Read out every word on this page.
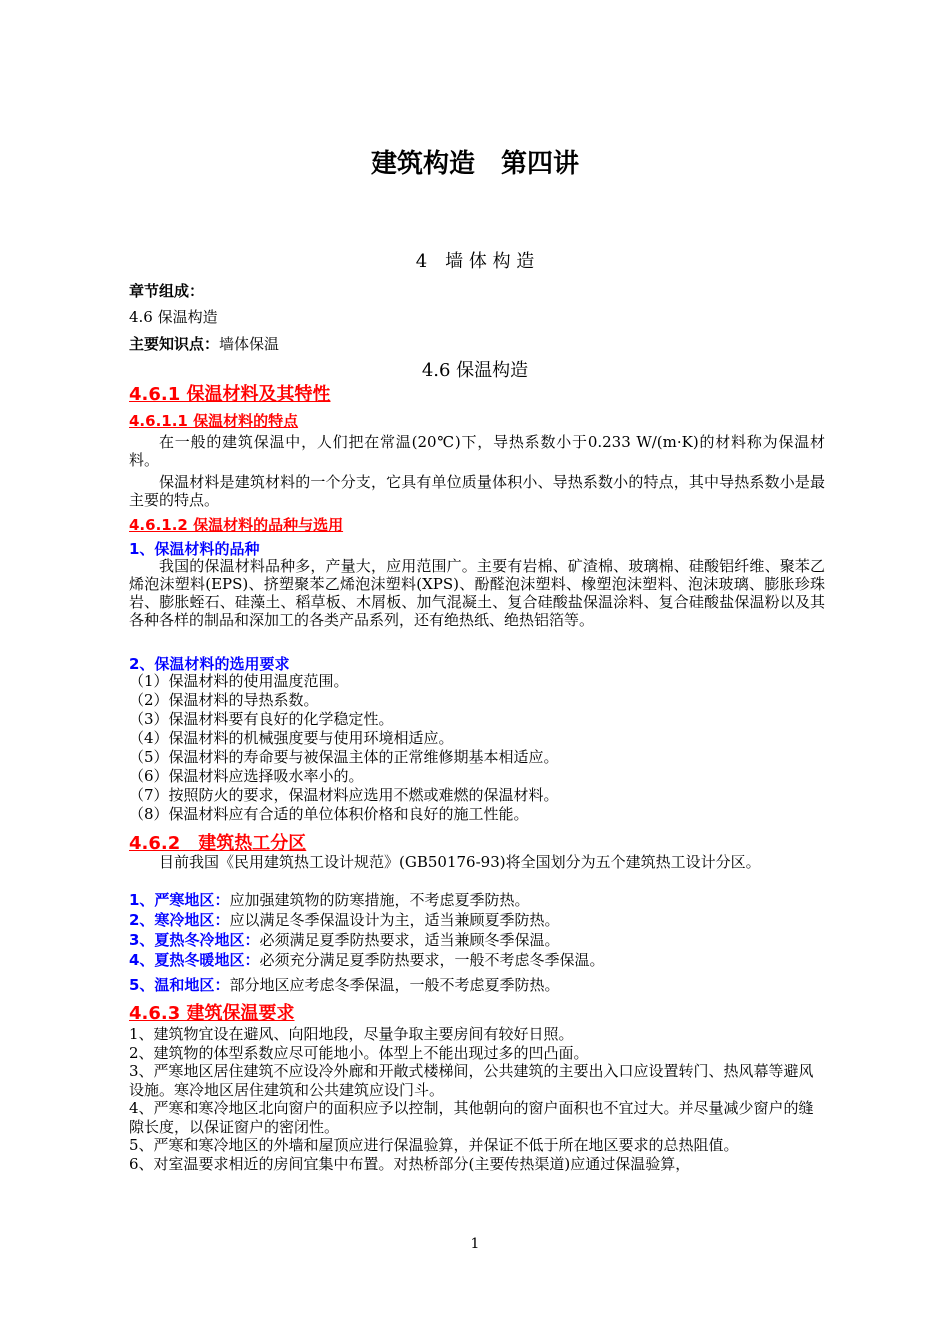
建筑构造　第四讲
4　墙 体 构 造
章节组成：
4.6 保温构造
主要知识点：墙体保温
4.6 保温构造
4.6.1 保温材料及其特性
4.6.1.1 保温材料的特点
在一般的建筑保温中，人们把在常温(20℃)下，导热系数小于0.233 W/(m·K)的材料称为保温材料。
保温材料是建筑材料的一个分支，它具有单位质量体积小、导热系数小的特点，其中导热系数小是最主要的特点。
4.6.1.2 保温材料的品种与选用
1、保温材料的品种
我国的保温材料品种多，产量大，应用范围广。主要有岩棉、矿渣棉、玻璃棉、硅酸铝纤维、聚苯乙烯泡沫塑料(EPS)、挤塑聚苯乙烯泡沫塑料(XPS)、酚醛泡沫塑料、橡塑泡沫塑料、泡沫玻璃、膨胀珍珠岩、膨胀蛭石、硅藻土、稻草板、木屑板、加气混凝土、复合硅酸盐保温涂料、复合硅酸盐保温粉以及其各种各样的制品和深加工的各类产品系列，还有绝热纸、绝热铝箔等。
2、保温材料的选用要求

（1）保温材料的使用温度范围。

（2）保温材料的导热系数。

（3）保温材料要有良好的化学稳定性。

（4）保温材料的机械强度要与使用环境相适应。

（5）保温材料的寿命要与被保温主体的正常维修期基本相适应。

（6）保温材料应选择吸水率小的。

（7）按照防火的要求，保温材料应选用不燃或难燃的保温材料。

（8）保温材料应有合适的单位体积价格和良好的施工性能。

4.6.2　建筑热工分区
目前我国《民用建筑热工设计规范》(GB50176-93)将全国划分为五个建筑热工设计分区。

1、严寒地区：应加强建筑物的防寒措施，不考虑夏季防热。

2、寒冷地区：应以满足冬季保温设计为主，适当兼顾夏季防热。

3、夏热冬冷地区：必须满足夏季防热要求，适当兼顾冬季保温。

4、夏热冬暖地区：必须充分满足夏季防热要求，一般不考虑冬季保温。

5、温和地区：部分地区应考虑冬季保温，一般不考虑夏季防热。

4.6.3 建筑保温要求

1、建筑物宜设在避风、向阳地段，尽量争取主要房间有较好日照。

2、建筑物的体型系数应尽可能地小。体型上不能出现过多的凹凸面。

3、严寒地区居住建筑不应设冷外廊和开敞式楼梯间，公共建筑的主要出入口应设置转门、热风幕等避风设施。寒冷地区居住建筑和公共建筑应设门斗。

4、严寒和寒冷地区北向窗户的面积应予以控制，其他朝向的窗户面积也不宜过大。并尽量减少窗户的缝隙长度，以保证窗户的密闭性。

5、严寒和寒冷地区的外墙和屋顶应进行保温验算，并保证不低于所在地区要求的总热阻值。

6、对室温要求相近的房间宜集中布置。对热桥部分(主要传热渠道)应通过保温验算，

1
